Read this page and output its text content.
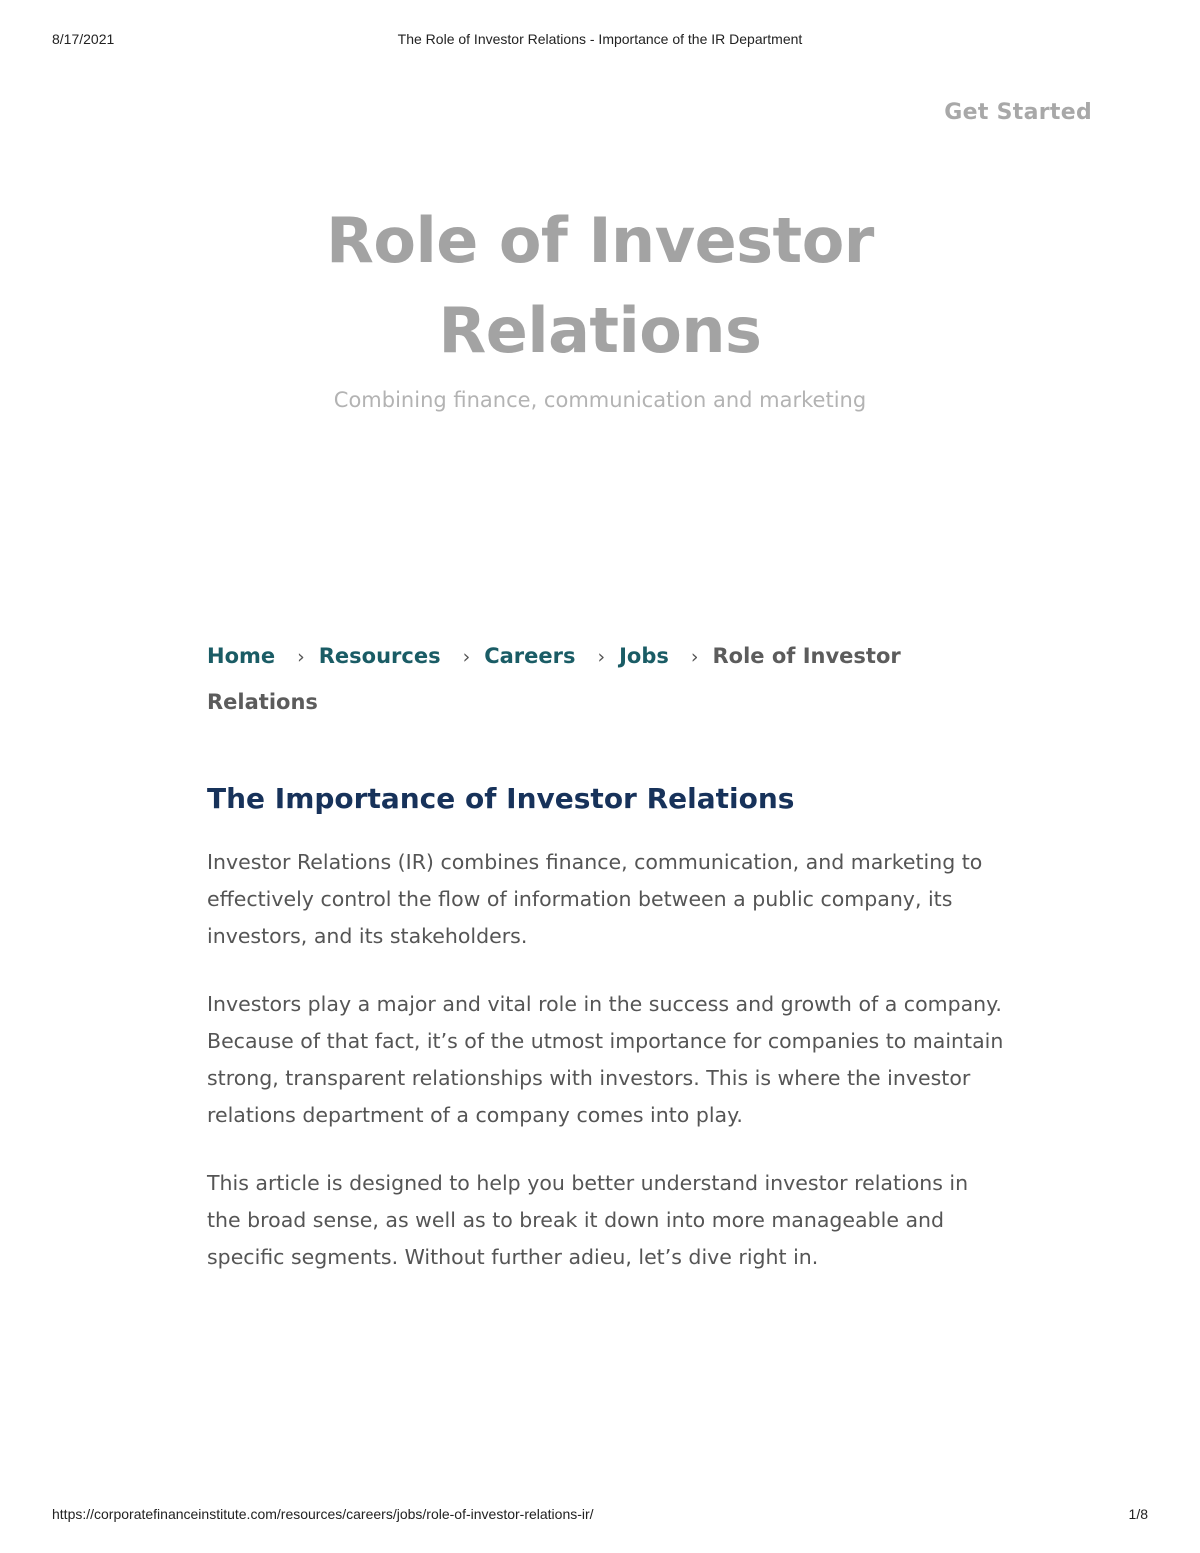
8/17/2021	The Role of Investor Relations - Importance of the IR Department
Get Started
Role of Investor
Relations

Combining finance, communication and marketing

Home › Resources › Careers › Jobs › Role of Investor Relations
The Importance of Investor Relations

Investor Relations (IR) combines finance, communication, and marketing to effectively control the flow of information between a public company, its investors, and its stakeholders.

Investors play a major and vital role in the success and growth of a company. Because of that fact, it’s of the utmost importance for companies to maintain strong, transparent relationships with investors. This is where the investor relations department of a company comes into play.

This article is designed to help you better understand investor relations in the broad sense, as well as to break it down into more manageable and specific segments. Without further adieu, let’s dive right in.

https://corporatefinanceinstitute.com/resources/careers/jobs/role-of-investor-relations-ir/	1/8
